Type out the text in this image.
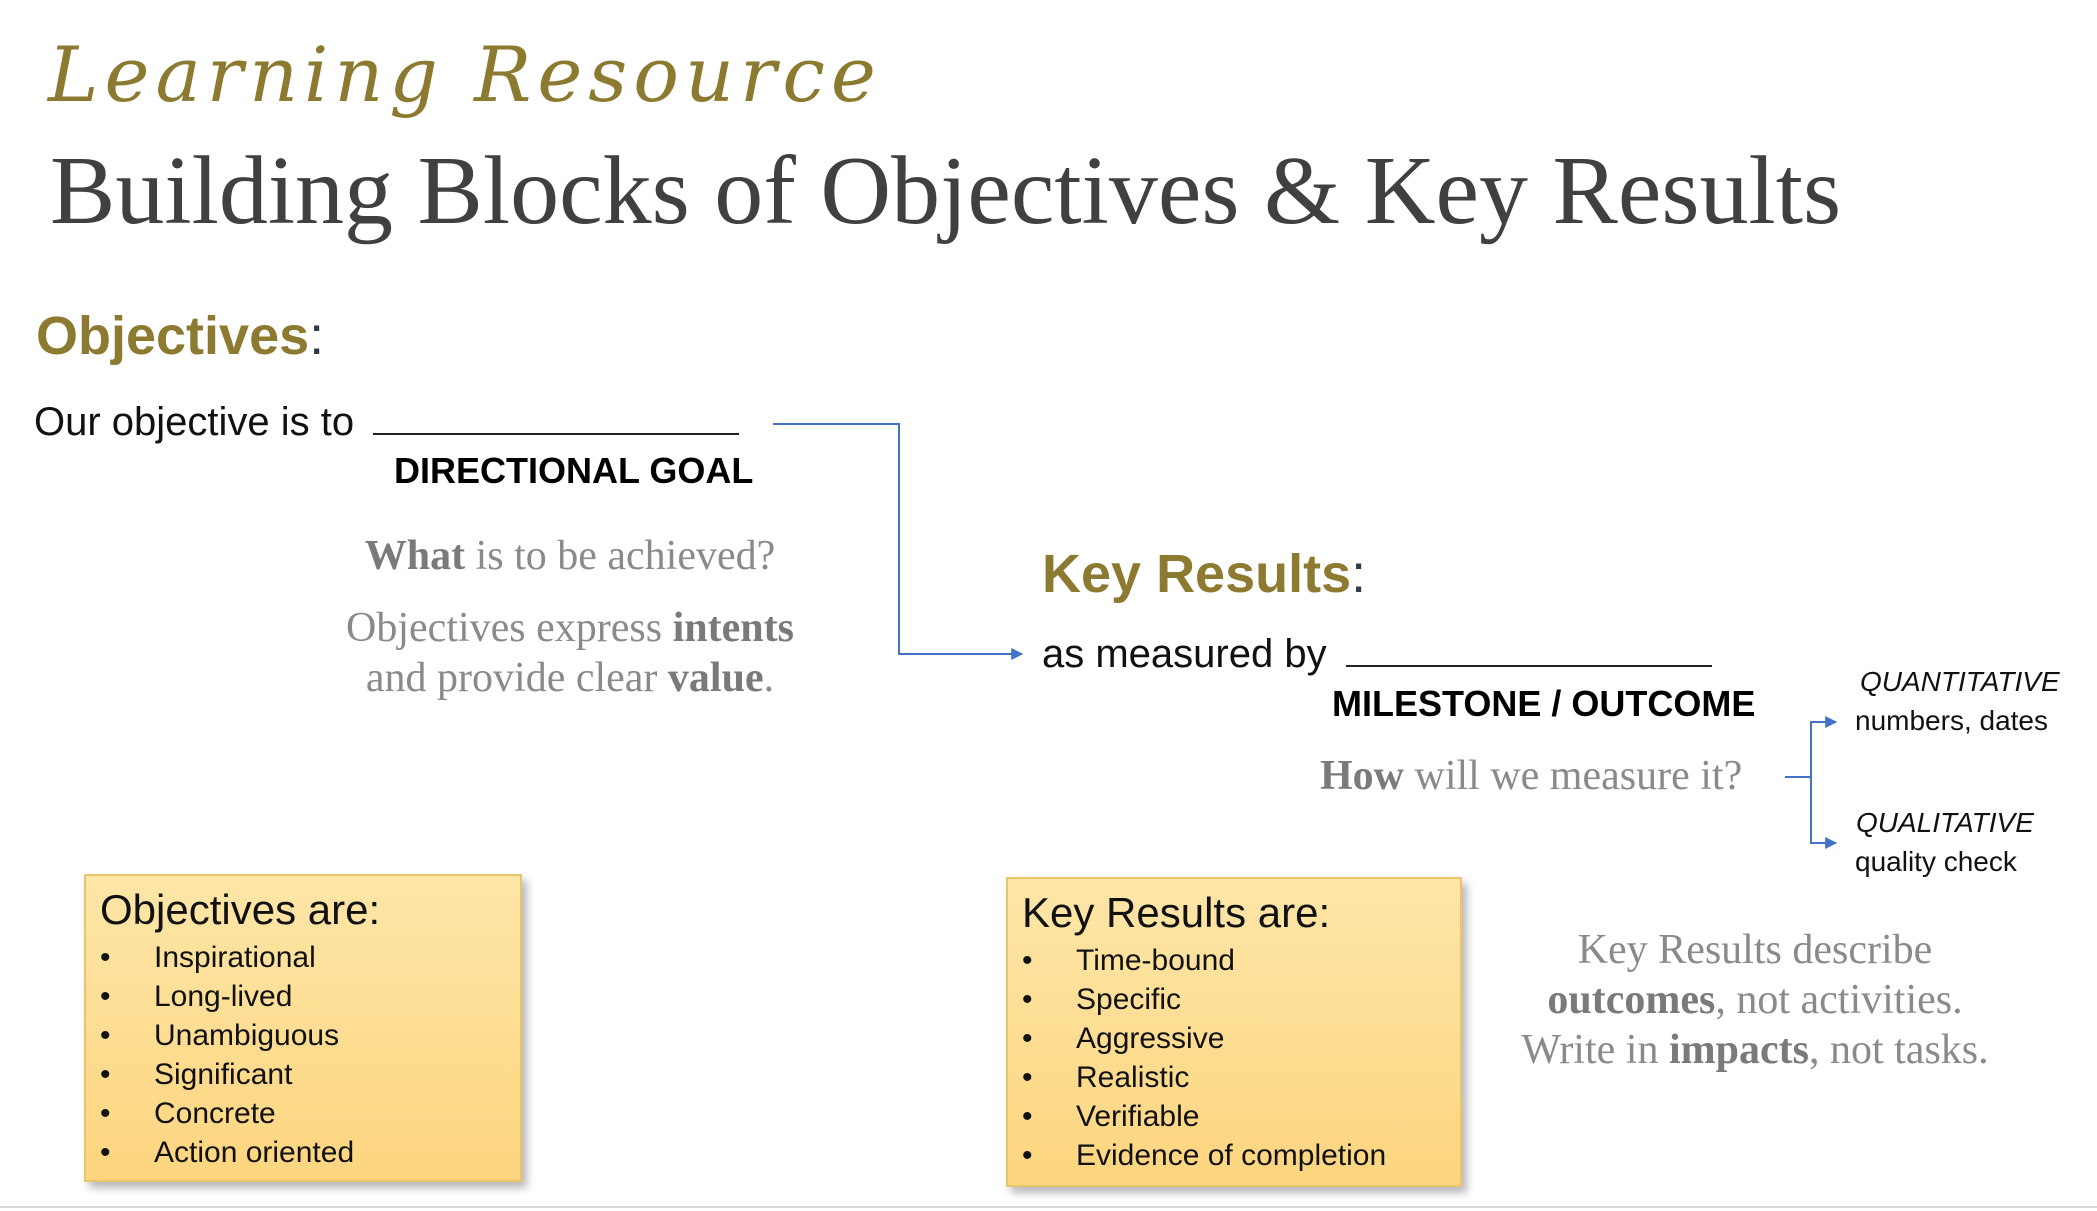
Learning Resource
Building Blocks of Objectives & Key Results
Objectives:
Our objective is to
DIRECTIONAL GOAL
What is to be achieved?
Objectives express intents
and provide clear value.
Key Results:
as measured by
MILESTONE / OUTCOME
How will we measure it?
QUANTITATIVE
numbers, dates
QUALITATIVE
quality check
Objectives are:
• Inspirational
• Long-lived
• Unambiguous
• Significant
• Concrete
• Action oriented
Key Results are:
• Time-bound
• Specific
• Aggressive
• Realistic
• Verifiable
• Evidence of completion
Key Results describe
outcomes, not activities.
Write in impacts, not tasks.
